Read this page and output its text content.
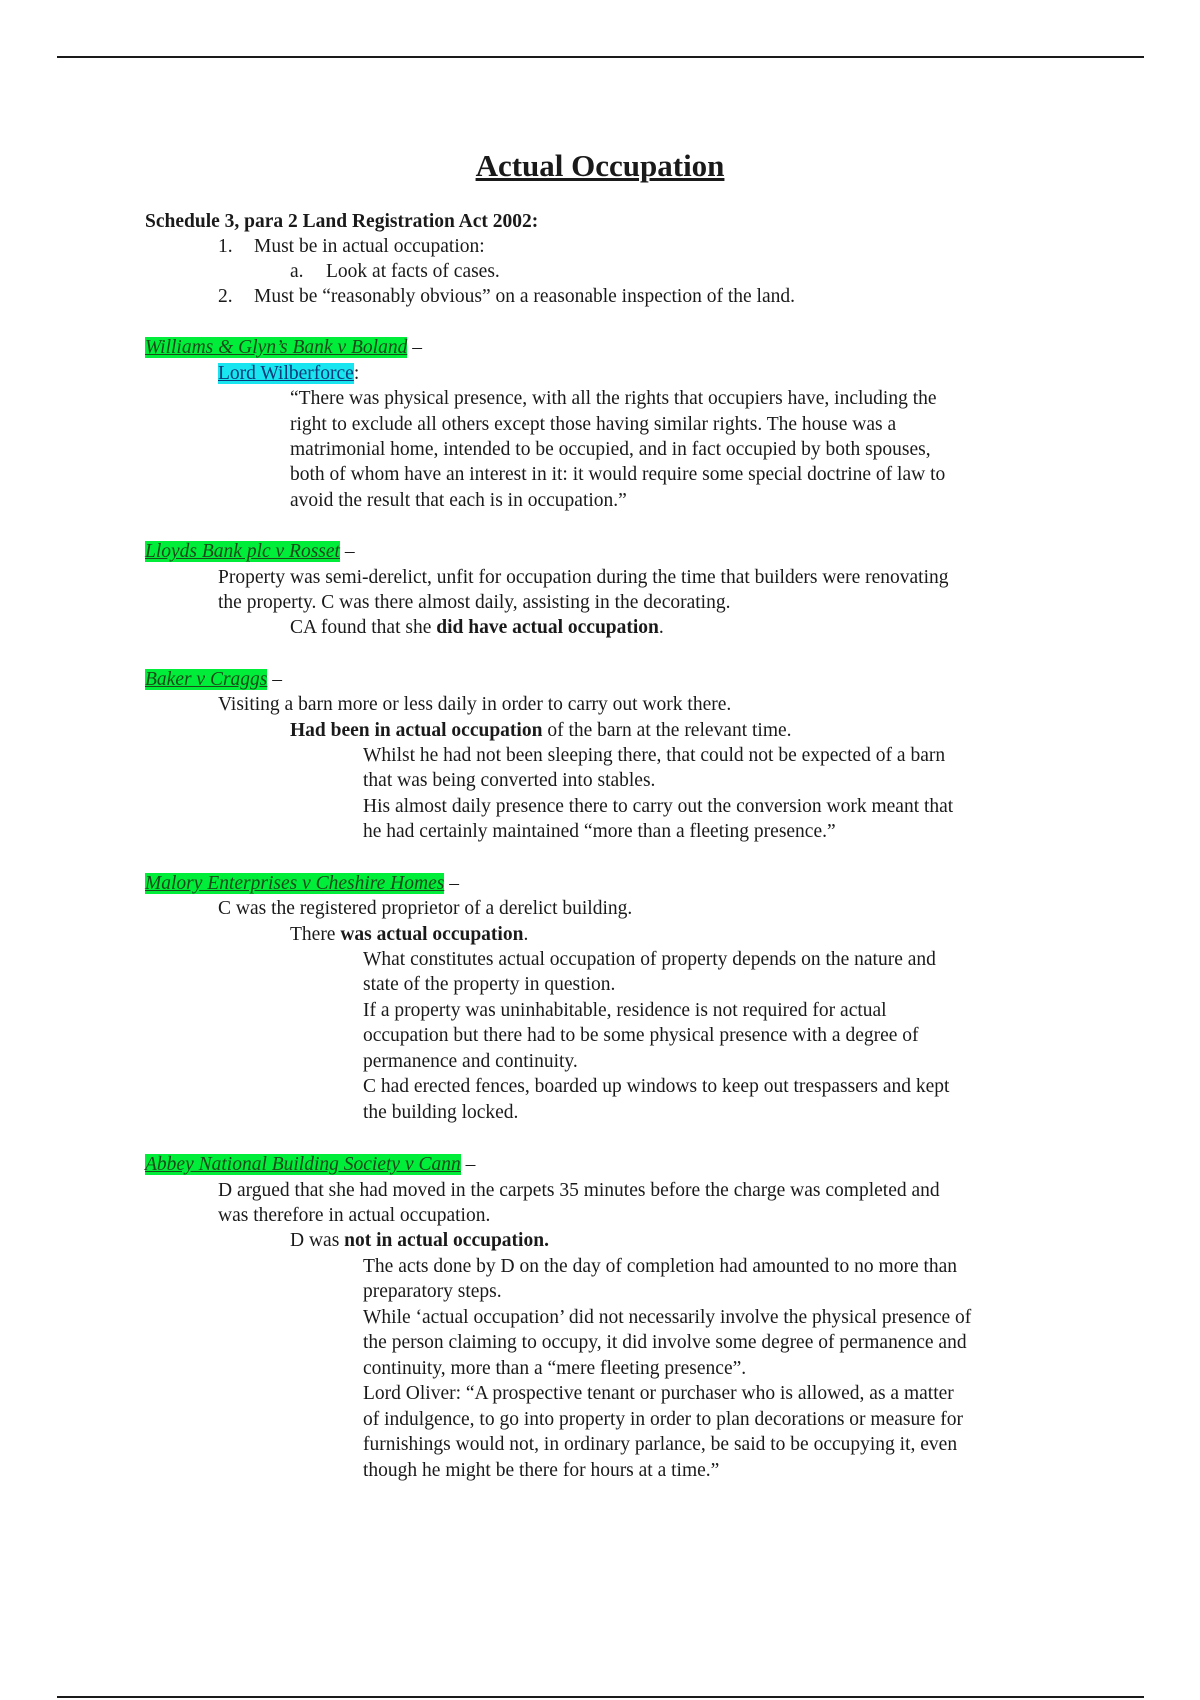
Actual Occupation
Schedule 3, para 2 Land Registration Act 2002:
1. Must be in actual occupation:
a. Look at facts of cases.
2. Must be “reasonably obvious” on a reasonable inspection of the land.
Williams & Glyn’s Bank v Boland –
Lord Wilberforce:
“There was physical presence, with all the rights that occupiers have, including the
right to exclude all others except those having similar rights. The house was a
matrimonial home, intended to be occupied, and in fact occupied by both spouses,
both of whom have an interest in it: it would require some special doctrine of law to
avoid the result that each is in occupation.”
Lloyds Bank plc v Rosset –
Property was semi-derelict, unfit for occupation during the time that builders were renovating
the property. C was there almost daily, assisting in the decorating.
CA found that she did have actual occupation.
Baker v Craggs –
Visiting a barn more or less daily in order to carry out work there.
Had been in actual occupation of the barn at the relevant time.
Whilst he had not been sleeping there, that could not be expected of a barn
that was being converted into stables.
His almost daily presence there to carry out the conversion work meant that
he had certainly maintained “more than a fleeting presence.”
Malory Enterprises v Cheshire Homes –
C was the registered proprietor of a derelict building.
There was actual occupation.
What constitutes actual occupation of property depends on the nature and
state of the property in question.
If a property was uninhabitable, residence is not required for actual
occupation but there had to be some physical presence with a degree of
permanence and continuity.
C had erected fences, boarded up windows to keep out trespassers and kept
the building locked.
Abbey National Building Society v Cann –
D argued that she had moved in the carpets 35 minutes before the charge was completed and
was therefore in actual occupation.
D was not in actual occupation.
The acts done by D on the day of completion had amounted to no more than
preparatory steps.
While ‘actual occupation’ did not necessarily involve the physical presence of
the person claiming to occupy, it did involve some degree of permanence and
continuity, more than a “mere fleeting presence”.
Lord Oliver: “A prospective tenant or purchaser who is allowed, as a matter
of indulgence, to go into property in order to plan decorations or measure for
furnishings would not, in ordinary parlance, be said to be occupying it, even
though he might be there for hours at a time.”
